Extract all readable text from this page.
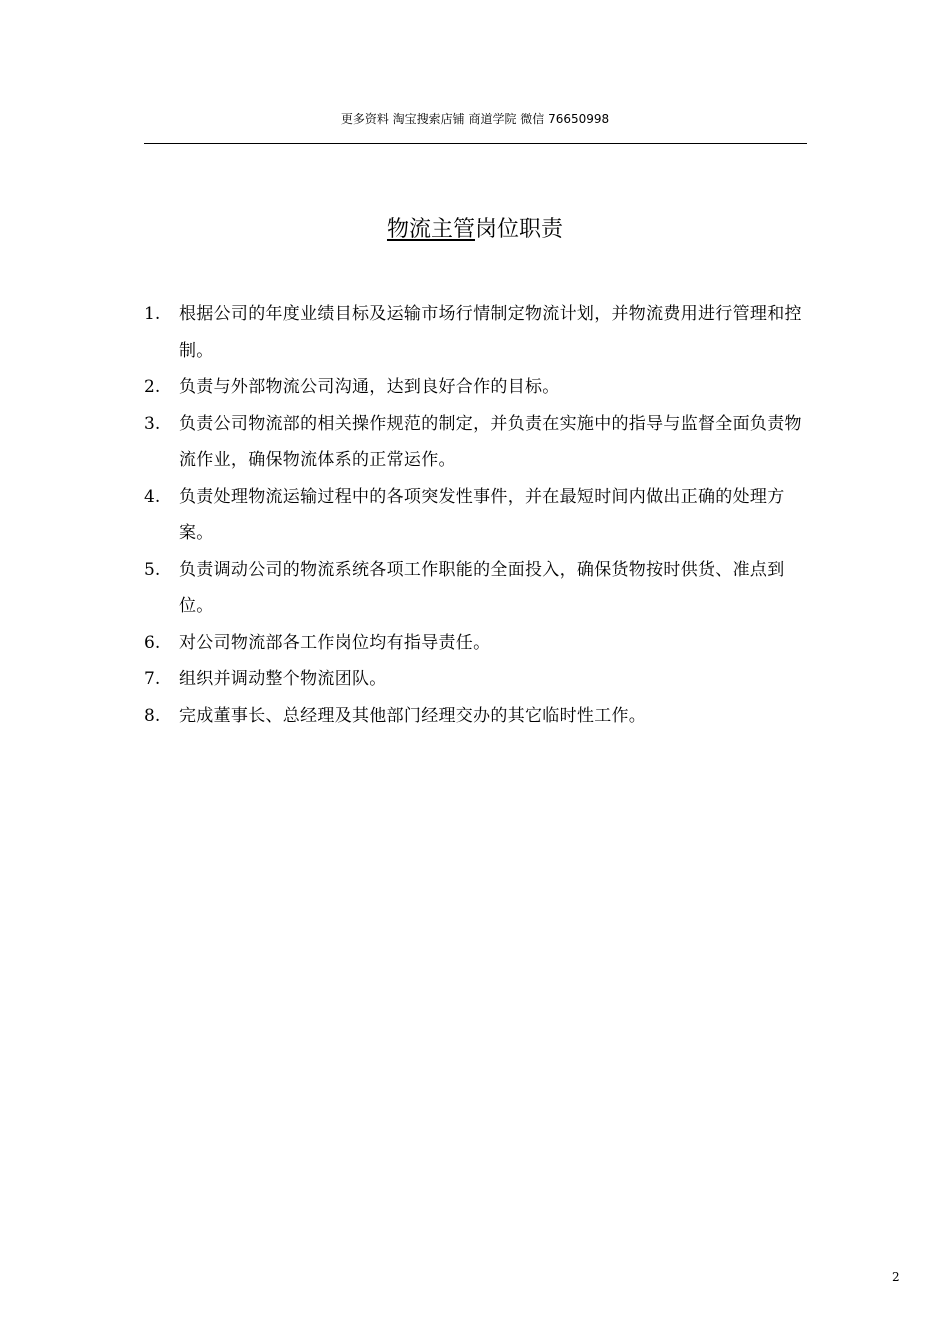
更多资料 淘宝搜索店铺 商道学院 微信 76650998
物流主管岗位职责
1. 根据公司的年度业绩目标及运输市场行情制定物流计划，并物流费用进行管理和控制。
2. 负责与外部物流公司沟通，达到良好合作的目标。
3. 负责公司物流部的相关操作规范的制定，并负责在实施中的指导与监督全面负责物流作业，确保物流体系的正常运作。
4. 负责处理物流运输过程中的各项突发性事件，并在最短时间内做出正确的处理方案。
5. 负责调动公司的物流系统各项工作职能的全面投入，确保货物按时供货、准点到位。
6. 对公司物流部各工作岗位均有指导责任。
7. 组织并调动整个物流团队。
8. 完成董事长、总经理及其他部门经理交办的其它临时性工作。
2
